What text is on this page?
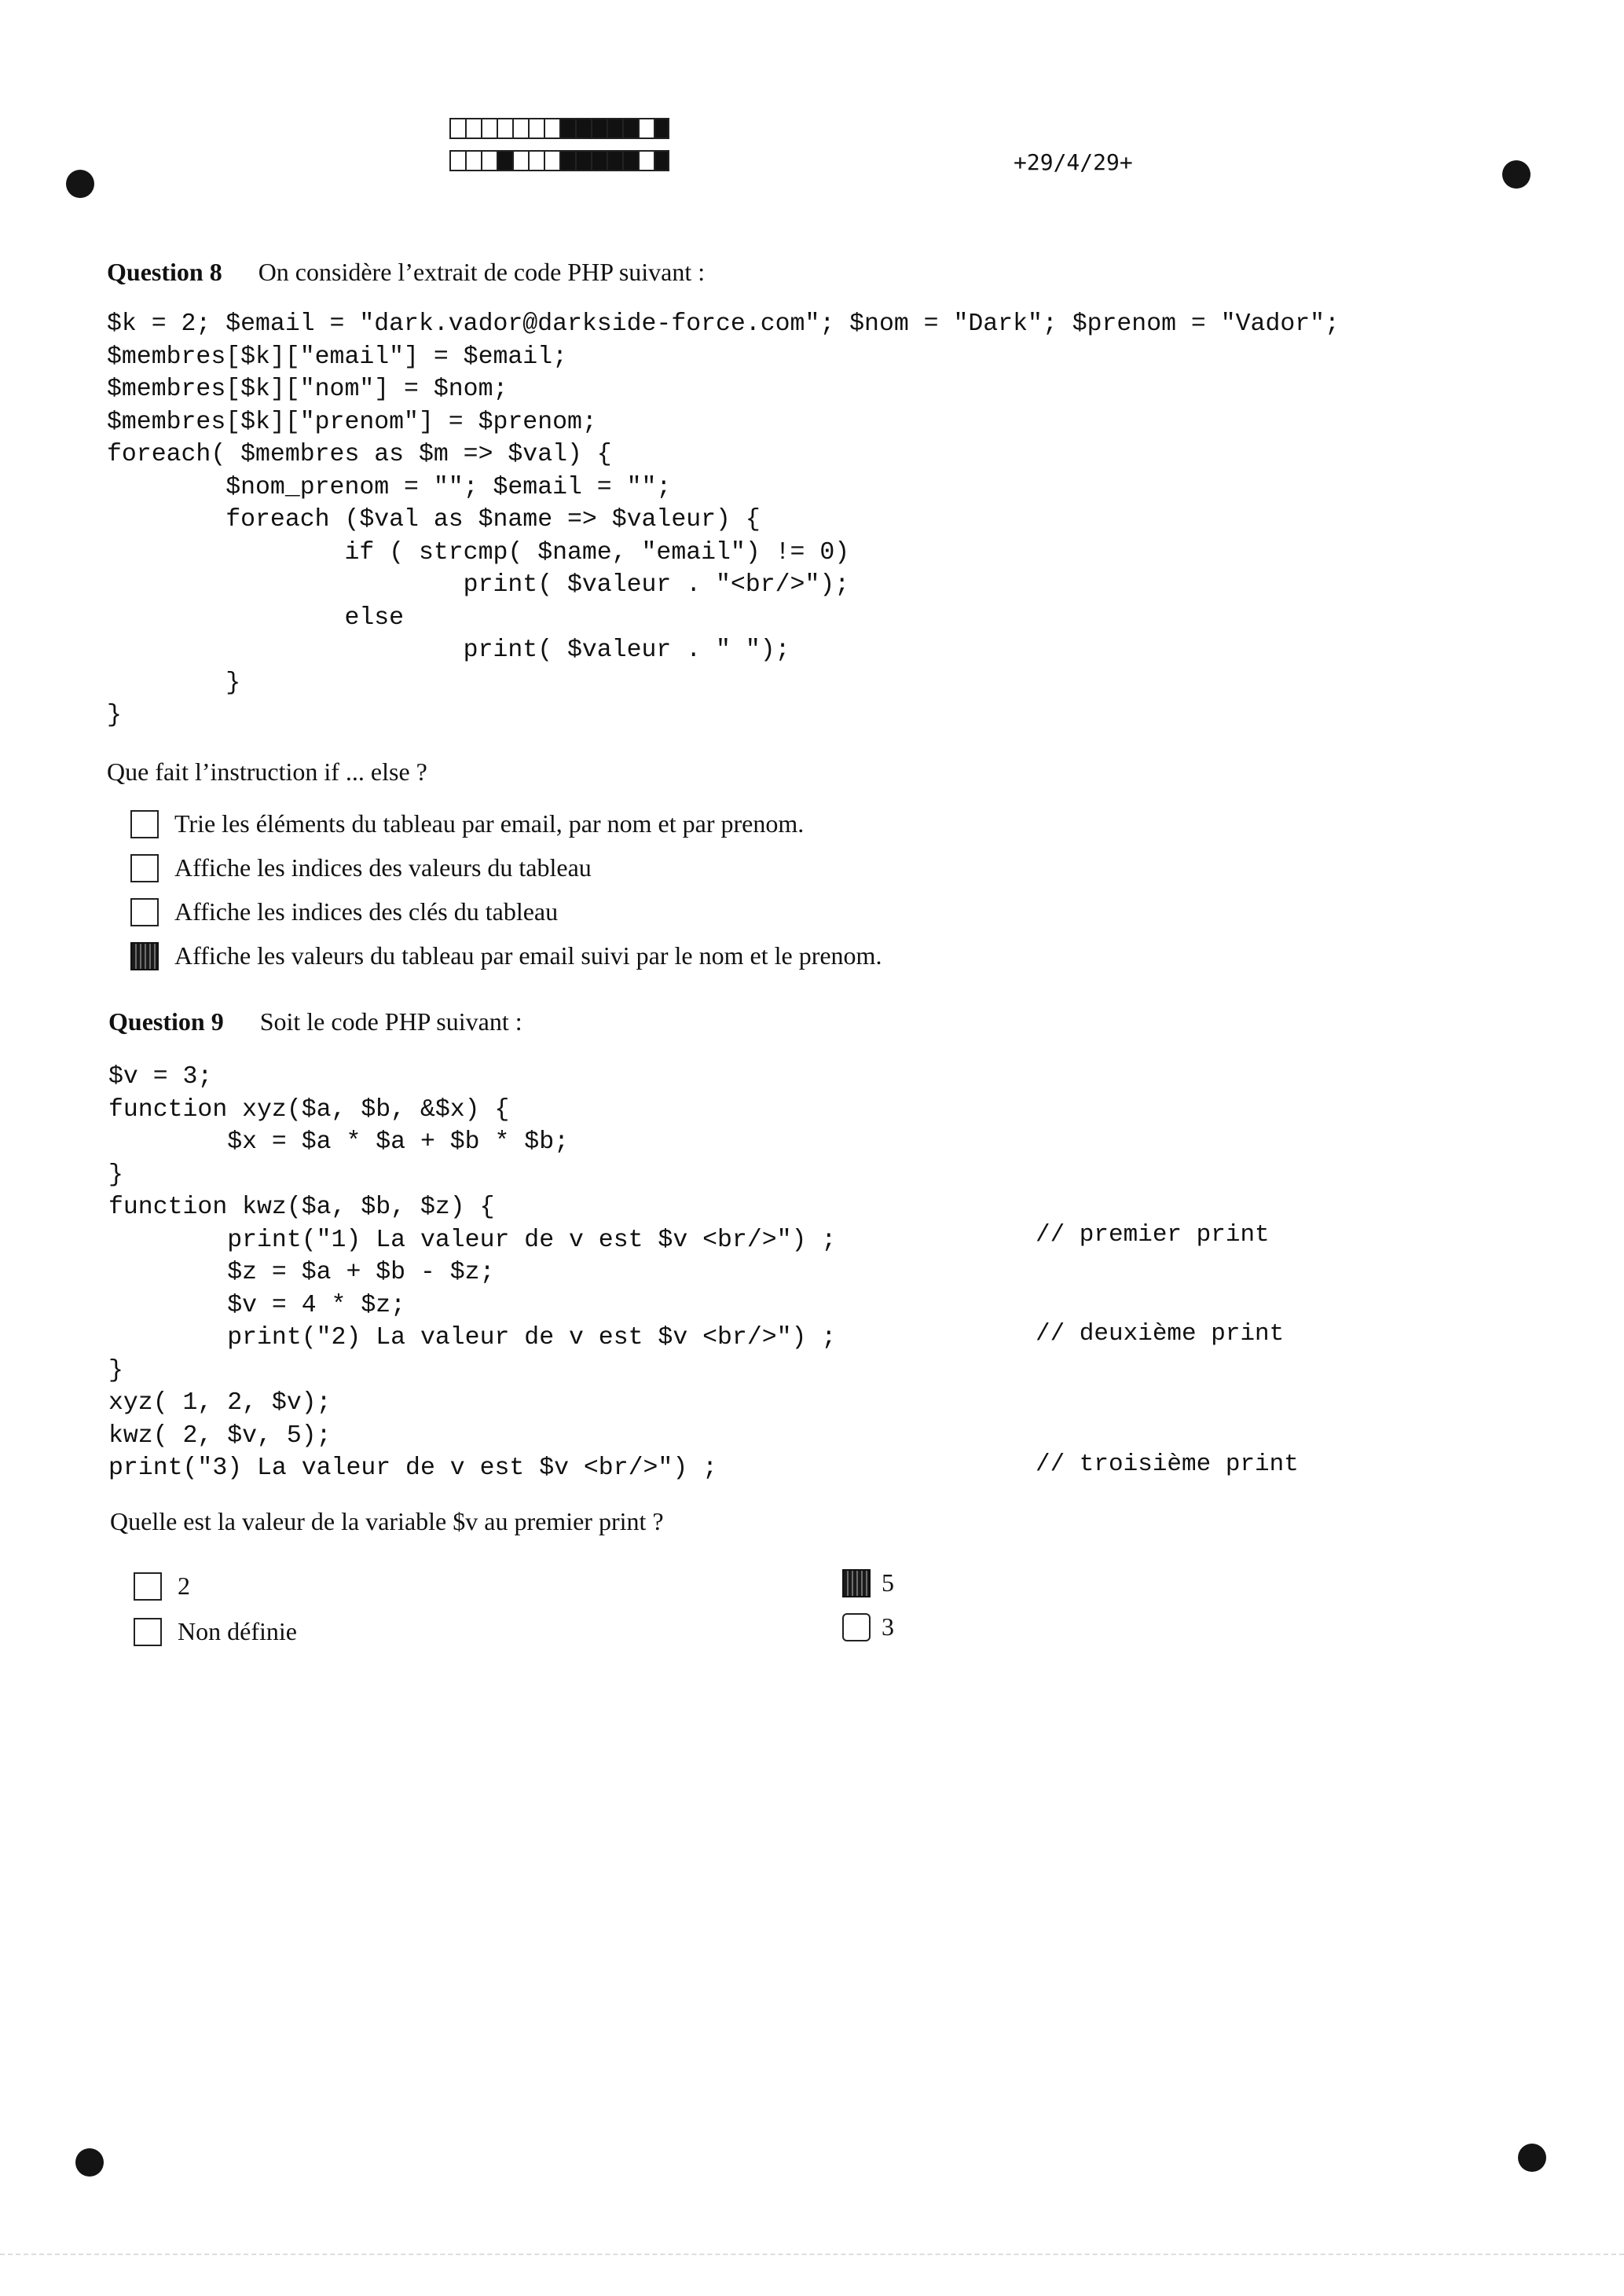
+29/4/29+
Question 8 On considère l’extrait de code PHP suivant :
$k = 2; $email = "dark.vador@darkside-force.com"; $nom = "Dark"; $prenom = "Vador";
$membres[$k]["email"] = $email;
$membres[$k]["nom"] = $nom;
$membres[$k]["prenom"] = $prenom;
foreach( $membres as $m => $val) {
$nom_prenom = ""; $email = "";
foreach ($val as $name => $valeur) {
if ( strcmp( $name, "email") != 0)
print( $valeur . "<br/>");
else
print( $valeur . " ");
}
}
Que fait l’instruction if ... else ?
Trie les éléments du tableau par email, par nom et par prenom.
Affiche les indices des valeurs du tableau
Affiche les indices des clés du tableau
Affiche les valeurs du tableau par email suivi par le nom et le prenom.
Question 9 Soit le code PHP suivant :
$v = 3;
function xyz($a, $b, &$x) {
$x = $a * $a + $b * $b;
}
function kwz($a, $b, $z) {
print("1) La valeur de v est $v <br/>") ;
$z = $a + $b - $z;
$v = 4 * $z;
print("2) La valeur de v est $v <br/>") ;
}
xyz( 1, 2, $v);
kwz( 2, $v, 5);
print("3) La valeur de v est $v <br/>") ;
// premier print
// deuxième print
// troisième print
Quelle est la valeur de la variable $v au premier print ?
2
Non définie
5
3
